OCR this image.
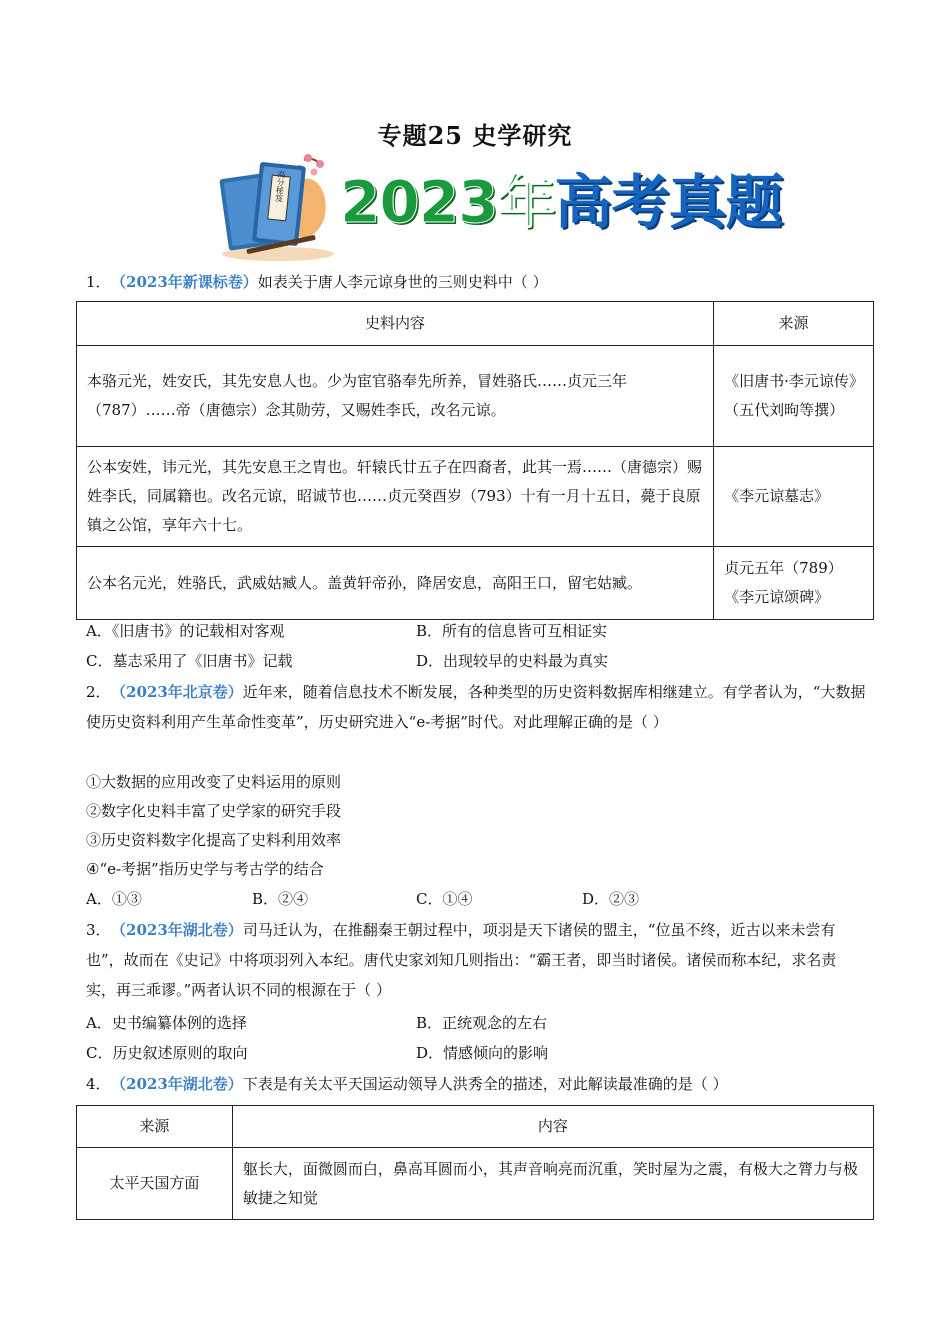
专题25 史学研究
高分秘笈 2023年高考真题
1． （2023年新课标卷）如表关于唐人李元谅身世的三则史料中（ ）
史料内容	来源
本骆元光，姓安氏，其先安息人也。少为宦官骆奉先所养，冒姓骆氏……贞元三年（787）……帝（唐德宗）念其勋劳，又赐姓李氏，改名元谅。	《旧唐书·李元谅传》（五代刘昫等撰）
公本安姓，讳元光，其先安息王之胄也。轩辕氏廿五子在四裔者，此其一焉……（唐德宗）赐姓李氏，同属籍也。改名元谅，昭诚节也……贞元癸酉岁（793）十有一月十五日，薨于良原镇之公馆，享年六十七。	《李元谅墓志》
公本名元光，姓骆氏，武威姑臧人。盖黄轩帝孙，降居安息，高阳王口，留宅姑臧。	贞元五年（789）《李元谅颂碑》
A．《旧唐书》的记载相对客观	B．所有的信息皆可互相证实
C．墓志采用了《旧唐书》记载	D．出现较早的史料最为真实
2． （2023年北京卷）近年来，随着信息技术不断发展，各种类型的历史资料数据库相继建立。有学者认为，“大数据使历史资料利用产生革命性变革”，历史研究进入“e-考据”时代。对此理解正确的是（ ）
①大数据的应用改变了史料运用的原则
②数字化史料丰富了史学家的研究手段
③历史资料数字化提高了史料利用效率
④“e-考据”指历史学与考古学的结合
A．①③	B．②④	C．①④	D．②③
3． （2023年湖北卷）司马迁认为，在推翻秦王朝过程中，项羽是天下诸侯的盟主，“位虽不终，近古以来未尝有也”，故而在《史记》中将项羽列入本纪。唐代史家刘知几则指出：“霸王者，即当时诸侯。诸侯而称本纪，求名责实，再三乖谬。”两者认识不同的根源在于（ ）
A．史书编纂体例的选择	B．正统观念的左右
C．历史叙述原则的取向	D．情感倾向的影响
4． （2023年湖北卷）下表是有关太平天国运动领导人洪秀全的描述，对此解读最准确的是（ ）
来源	内容
太平天国方面	躯长大，面微圆而白，鼻高耳圆而小，其声音响亮而沉重，笑时屋为之震，有极大之膂力与极敏捷之知觉
